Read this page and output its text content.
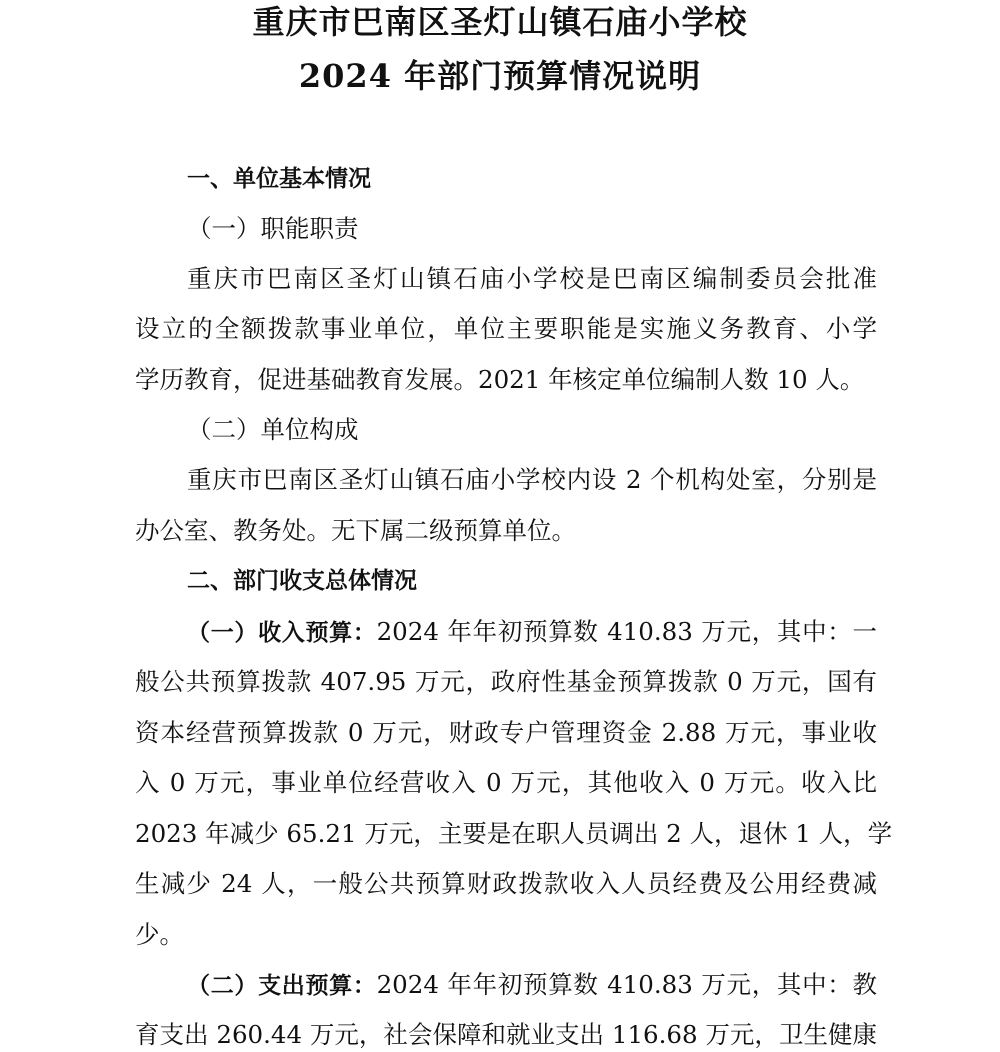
重庆市巴南区圣灯山镇石庙小学校
2024 年部门预算情况说明

一、单位基本情况

（一）职能职责

重庆市巴南区圣灯山镇石庙小学校是巴南区编制委员会批准

设立的全额拨款事业单位，单位主要职能是实施义务教育、小学

学历教育，促进基础教育发展。2021 年核定单位编制人数 10 人。

（二）单位构成

重庆市巴南区圣灯山镇石庙小学校内设 2 个机构处室，分别是

办公室、教务处。无下属二级预算单位。

二、部门收支总体情况

（一）收入预算：2024 年年初预算数 410.83 万元，其中：一

般公共预算拨款 407.95 万元，政府性基金预算拨款 0 万元，国有

资本经营预算拨款 0 万元，财政专户管理资金 2.88 万元，事业收

入 0 万元，事业单位经营收入 0 万元，其他收入 0 万元。收入比

2023 年减少 65.21 万元，主要是在职人员调出 2 人，退休 1 人，学

生减少 24 人，一般公共预算财政拨款收入人员经费及公用经费减

少。

（二）支出预算：2024 年年初预算数 410.83 万元，其中：教

育支出 260.44 万元，社会保障和就业支出 116.68 万元，卫生健康
